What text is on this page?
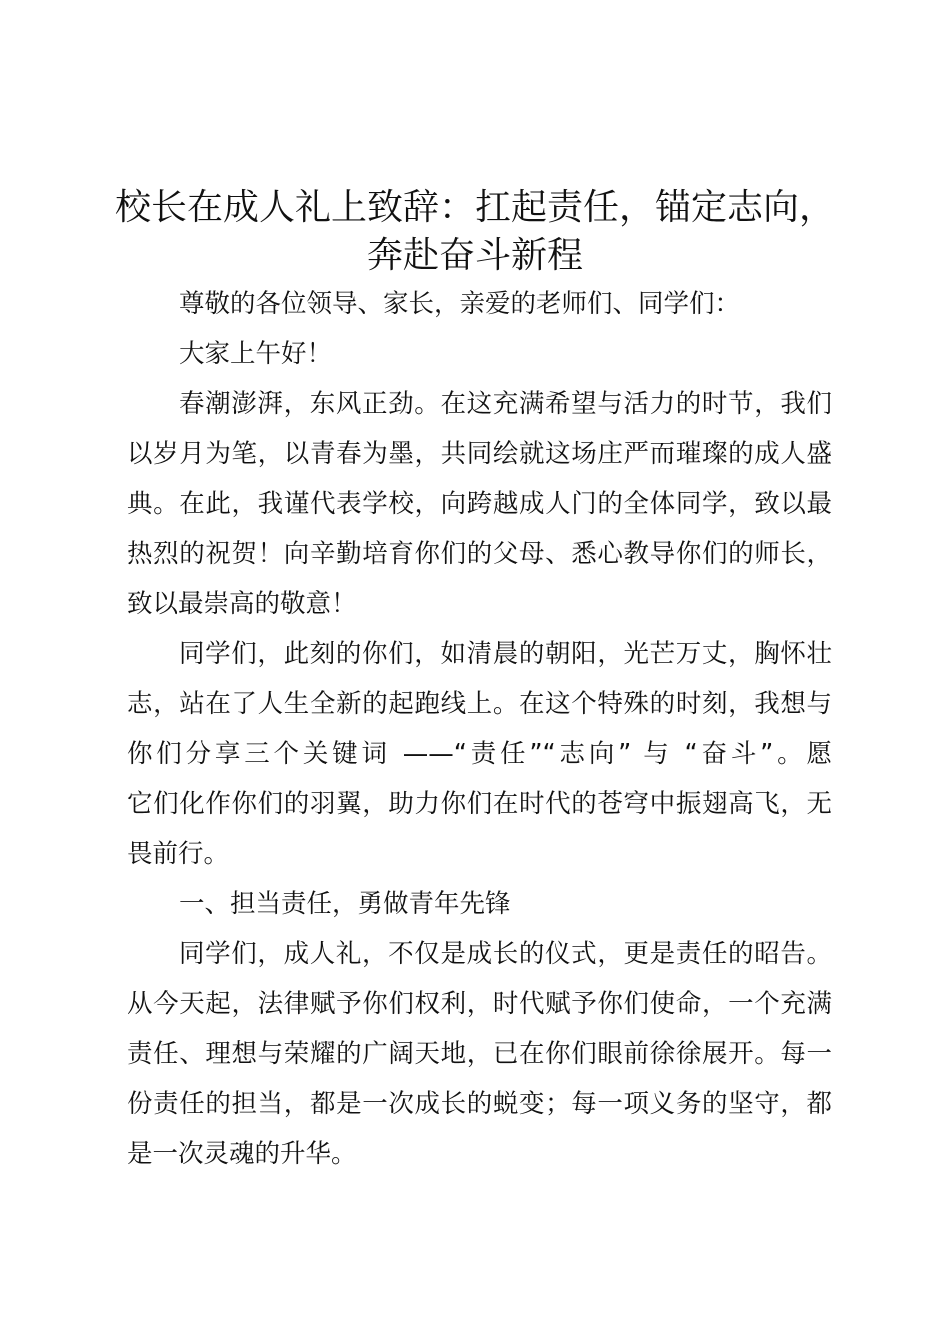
校长在成人礼上致辞：扛起责任，锚定志向，
奔赴奋斗新程
尊敬的各位领导、家长，亲爱的老师们、同学们：
大家上午好！
春潮澎湃，东风正劲。在这充满希望与活力的时节，我们
以岁月为笔，以青春为墨，共同绘就这场庄严而璀璨的成人盛
典。在此，我谨代表学校，向跨越成人门的全体同学，致以最
热烈的祝贺！向辛勤培育你们的父母、悉心教导你们的师长，
致以最崇高的敬意！
同学们，此刻的你们，如清晨的朝阳，光芒万丈，胸怀壮
志，站在了人生全新的起跑线上。在这个特殊的时刻，我想与
你们分享三个关键词 ——“责任”“志向” 与 “奋斗”。愿
它们化作你们的羽翼，助力你们在时代的苍穹中振翅高飞，无
畏前行。
一、担当责任，勇做青年先锋
同学们，成人礼，不仅是成长的仪式，更是责任的昭告。
从今天起，法律赋予你们权利，时代赋予你们使命，一个充满
责任、理想与荣耀的广阔天地，已在你们眼前徐徐展开。每一
份责任的担当，都是一次成长的蜕变；每一项义务的坚守，都
是一次灵魂的升华。
